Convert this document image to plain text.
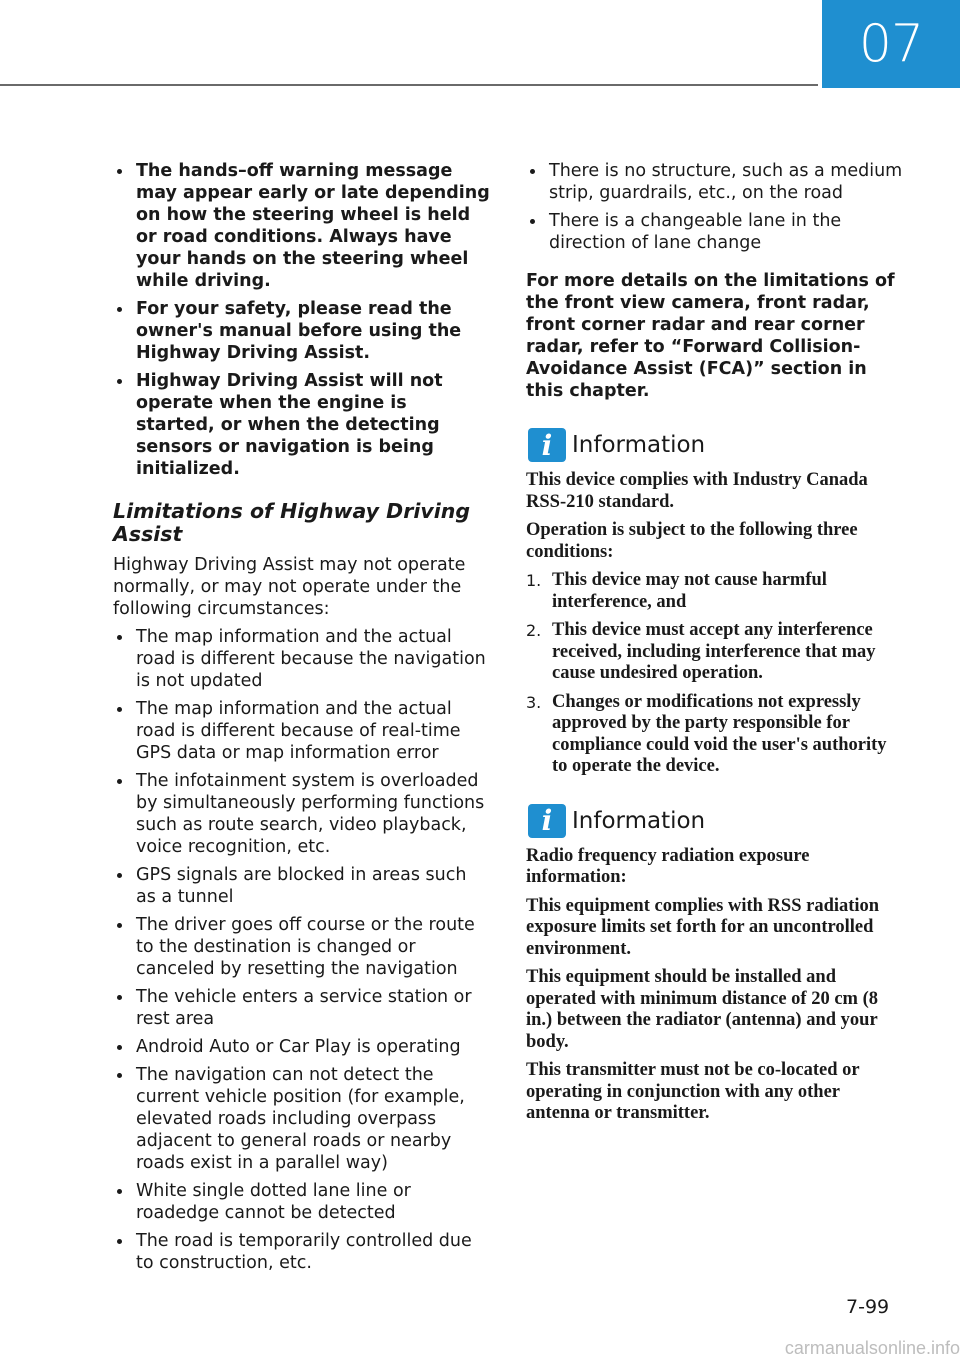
07
The hands–off warning message may appear early or late depending on how the steering wheel is held or road conditions. Always have your hands on the steering wheel while driving.
For your safety, please read the owner's manual before using the Highway Driving Assist.
Highway Driving Assist will not operate when the engine is started, or when the detecting sensors or navigation is being initialized.
Limitations of Highway Driving Assist

Highway Driving Assist may not operate normally, or may not operate under the following circumstances:

The map information and the actual road is different because the navigation is not updated
The map information and the actual road is different because of real-time GPS data or map information error
The infotainment system is overloaded by simultaneously performing functions such as route search, video playback, voice recognition, etc.
GPS signals are blocked in areas such as a tunnel
The driver goes off course or the route to the destination is changed or canceled by resetting the navigation
The vehicle enters a service station or rest area
Android Auto or Car Play is operating
The navigation can not detect the current vehicle position (for example, elevated roads including overpass adjacent to general roads or nearby roads exist in a parallel way)
White single dotted lane line or roadedge cannot be detected
The road is temporarily controlled due to construction, etc.
There is no structure, such as a medium strip, guardrails, etc., on the road
There is a changeable lane in the direction of lane change

For more details on the limitations of the front view camera, front radar, front corner radar and rear corner radar, refer to “Forward Collision-Avoidance Assist (FCA)” section in this chapter.

i Information

This device complies with Industry Canada RSS-210 standard.

Operation is subject to the following three conditions:

1. This device may not cause harmful interference, and
2. This device must accept any interference received, including interference that may cause undesired operation.
3. Changes or modifications not expressly approved by the party responsible for compliance could void the user's authority to operate the device.
i Information

Radio frequency radiation exposure information:

This equipment complies with RSS radiation exposure limits set forth for an uncontrolled environment.

This equipment should be installed and operated with minimum distance of 20 cm (8 in.) between the radiator (antenna) and your body.

This transmitter must not be co-located or operating in conjunction with any other antenna or transmitter.

7-99
carmanualsonline.info
